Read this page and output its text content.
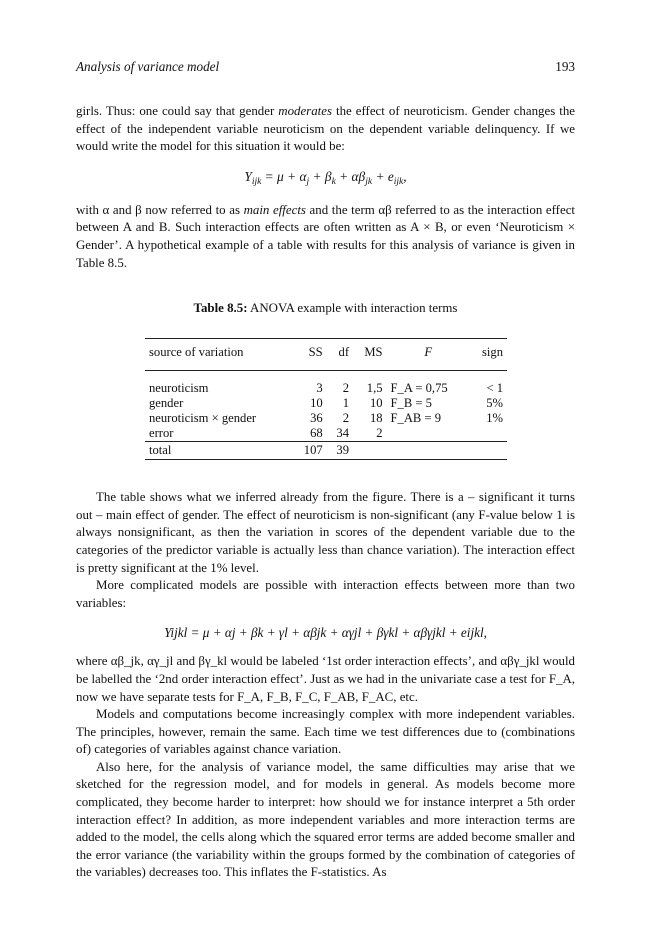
Analysis of variance model	193

girls. Thus: one could say that gender moderates the effect of neuroticism. Gender changes the effect of the independent variable neuroticism on the dependent variable delinquency. If we would write the model for this situation it would be:

$Y_{ijk} = \mu + \alpha_j + \beta_k + \alpha\beta_{jk} + e_{ijk}$,

with α and β now referred to as main effects and the term αβ referred to as the interaction effect between A and B. Such interaction effects are often written as A × B, or even ‘Neuroticism × Gender’. A hypothetical example of a table with results for this analysis of variance is given in Table 8.5.

Table 8.5: ANOVA example with interaction terms
source of variation	SS	df	MS	F	sign
neuroticism	3	2	1,5	F_A = 0,75	< 1
gender	10	1	10	F_B = 5	5%
neuroticism × gender	36	2	18	F_AB = 9	1%
error	68	34	2		
total	107	39			

The table shows what we inferred already from the figure. There is a – significant it turns out – main effect of gender. The effect of neuroticism is non-significant (any F-value below 1 is always nonsignificant, as then the variation in scores of the dependent variable due to the categories of the predictor variable is actually less than chance variation). The interaction effect is pretty significant at the 1% level.

More complicated models are possible with interaction effects between more than two variables:

Yijkl = μ + αj + βk + γl + αβjk + αγjl + βγkl + αβγjkl + eijkl,

where αβ_jk, αγ_jl and βγ_kl would be labeled ‘1st order interaction effects’, and αβγ_jkl would be labelled the ‘2nd order interaction effect’. Just as we had in the univariate case a test for F_A, now we have separate tests for F_A, F_B, F_C, F_AB, F_AC, etc.

Models and computations become increasingly complex with more independent variables. The principles, however, remain the same. Each time we test differences due to (combinations of) categories of variables against chance variation.

Also here, for the analysis of variance model, the same difficulties may arise that we sketched for the regression model, and for models in general. As models become more complicated, they become harder to interpret: how should we for instance interpret a 5th order interaction effect? In addition, as more independent variables and more interaction terms are added to the model, the cells along which the squared error terms are added become smaller and the error variance (the variability within the groups formed by the combination of categories of the variables) decreases too. This inflates the F-statistics. As
